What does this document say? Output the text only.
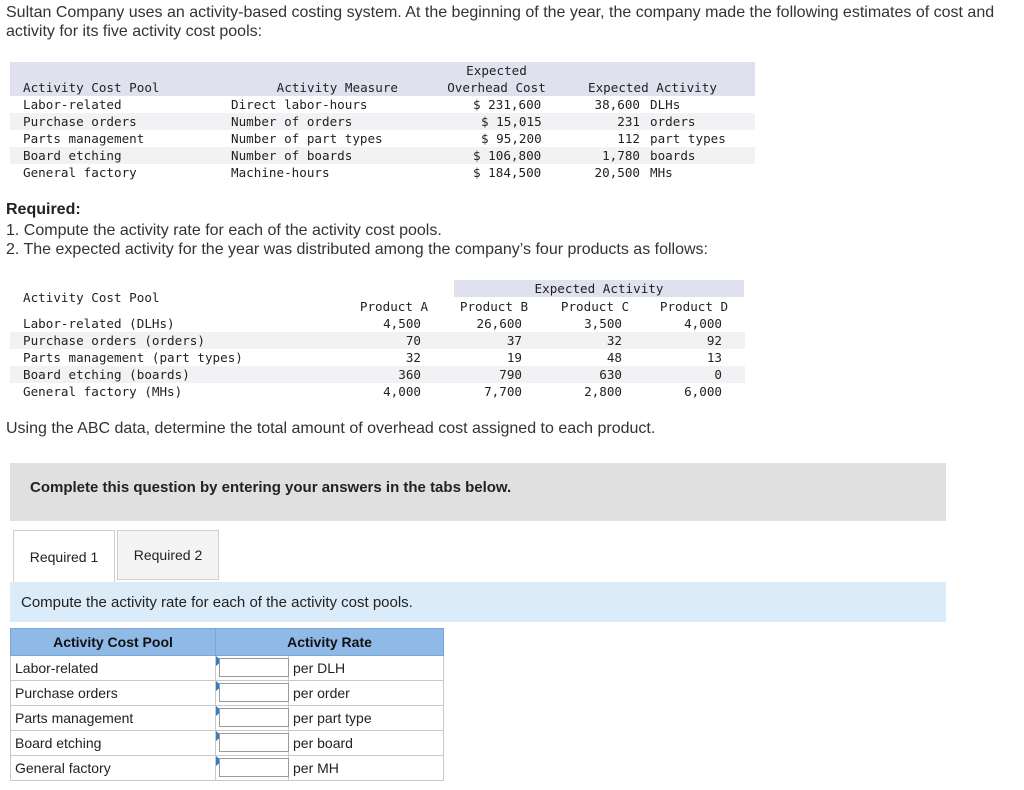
Sultan Company uses an activity-based costing system. At the beginning of the year, the company made the following estimates of cost and activity for its five activity cost pools:
Activity Cost Pool	Activity Measure
Expected
Overhead Cost	Expected Activity
Labor-related	Direct labor-hours	$ 231,600	38,600 DLHs
Purchase orders	Number of orders	$ 15,015	231 orders
Parts management	Number of part types	$ 95,200	112 part types
Board etching	Number of boards	$ 106,800	1,780 boards
General factory	Machine-hours	$ 184,500	20,500 MHs
Required:
1. Compute the activity rate for each of the activity cost pools.
2. The expected activity for the year was distributed among the company’s four products as follows:
Expected Activity
Activity Cost Pool
Product A	Product B	Product C	Product D
Labor-related (DLHs)	4,500	26,600	3,500	4,000
Purchase orders (orders)	70	37	32	92
Parts management (part types)	32	19	48	13
Board etching (boards)	360	790	630	0
General factory (MHs)	4,000	7,700	2,800	6,000
Using the ABC data, determine the total amount of overhead cost assigned to each product.
Complete this question by entering your answers in the tabs below.
Required 1	Required 2
Compute the activity rate for each of the activity cost pools.
Activity Cost Pool	Activity Rate	
Labor-related		per DLH
Purchase orders		per order
Parts management		per part type
Board etching		per board
General factory		per MH
